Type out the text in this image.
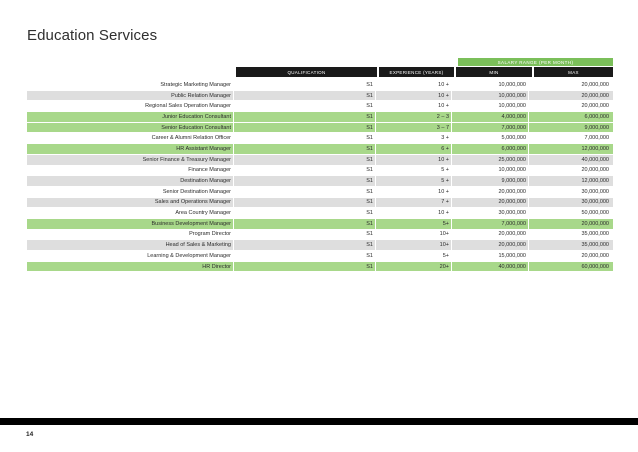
Education Services
SALARY RANGE (PER MONTH)
QUALIFICATION	EXPERIENCE (YEARS)	MIN	MAX
Strategic Marketing Manager	S1	10 +	10,000,000	20,000,000
Public Relation Manager	S1	10 +	10,000,000	20,000,000
Regional Sales Operation Manager	S1	10 +	10,000,000	20,000,000
Junior Education Consultant	S1	2 – 3	4,000,000	6,000,000
Senior Education Consultant	S1	3 – 7	7,000,000	9,000,000
Career & Alumni Relation Officer	S1	3 +	5,000,000	7,000,000
HR Assistant Manager	S1	6 +	6,000,000	12,000,000
Senior Finance & Treasury Manager	S1	10 +	25,000,000	40,000,000
Finance Manager	S1	5 +	10,000,000	20,000,000
Destination Manager	S1	5 +	9,000,000	12,000,000
Senior Destination Manager	S1	10 +	20,000,000	30,000,000
Sales and Operations Manager	S1	7 +	20,000,000	30,000,000
Area Country Manager	S1	10 +	30,000,000	50,000,000
Business Development Manager	S1	5+	7,000,000	20,000,000
Program Director	S1	10+	20,000,000	35,000,000
Head of Sales & Marketing	S1	10+	20,000,000	35,000,000
Learning & Development Manager	S1	5+	15,000,000	20,000,000
HR Director	S1	20+	40,000,000	60,000,000
14
